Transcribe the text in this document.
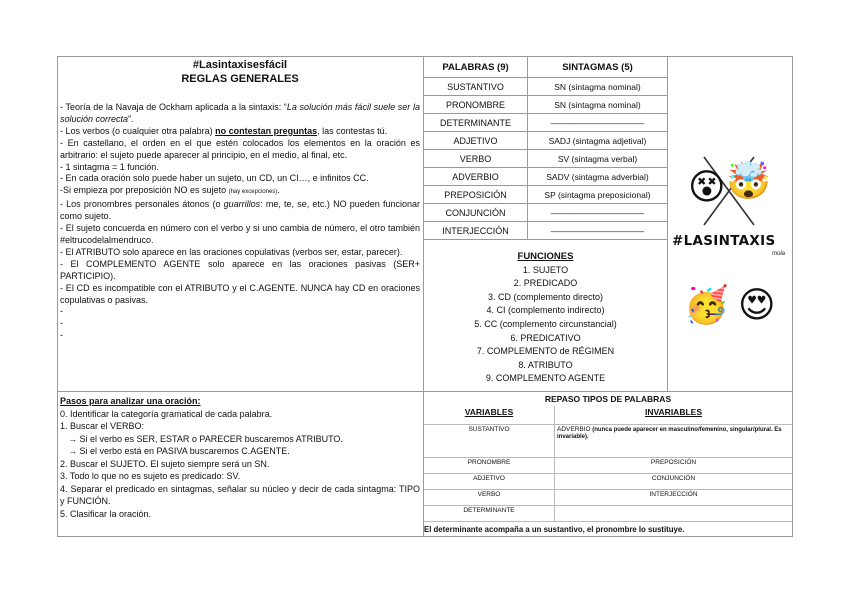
#Lasintaxisesfácil
REGLAS GENERALES
- Teoría de la Navaja de Ockham aplicada a la sintaxis: “La solución más fácil suele ser la solución correcta”.
- Los verbos (o cualquier otra palabra) no contestan preguntas, las contestas tú.
- En castellano, el orden en el que estén colocados los elementos en la oración es arbitrario: el sujeto puede aparecer al principio, en el medio, al final, etc.
- 1 sintagma = 1 función.
- En cada oración solo puede haber un sujeto, un CD, un CI…, e infinitos CC.
-Si empieza por preposición NO es sujeto (hay excepciones).
- Los pronombres personales átonos (o guarrillos: me, te, se, etc.) NO pueden funcionar como sujeto.
- El sujeto concuerda en número con el verbo y si uno cambia de número, el otro también #eltrucodelalmendruco.
- El ATRIBUTO solo aparece en las oraciones copulativas (verbos ser, estar, parecer).
- El COMPLEMENTO AGENTE solo aparece en las oraciones pasivas (SER+ PARTICIPIO).
- El CD es incompatible con el ATRIBUTO y el C.AGENTE. NUNCA hay CD en oraciones copulativas o pasivas.
-
-
-
PALABRAS (9)	SINTAGMAS (5)
SUSTANTIVO	SN (sintagma nominal)
PRONOMBRE	SN (sintagma nominal)
DETERMINANTE	———————————
ADJETIVO	SADJ (sintagma adjetival)
VERBO	SV (sintagma verbal)
ADVERBIO	SADV (sintagma adverbial)
PREPOSICIÓN	SP (sintagma preposicional)
CONJUNCIÓN	———————————
INTERJECCIÓN	———————————
FUNCIONES
1. SUJETO
2. PREDICADO
3. CD (complemento directo)
4. CI (complemento indirecto)
5. CC (complemento circunstancial)
6. PREDICATIVO
7. COMPLEMENTO de RÉGIMEN
8. ATRIBUTO
9. COMPLEMENTO AGENTE
😵 🤯
#LASINTAXIS
mola
🥳 😍
Pasos para analizar una oración:
0. Identificar la categoría gramatical de cada palabra.
1. Buscar el VERBO:
→ Si el verbo es SER, ESTAR o PARECER buscaremos ATRIBUTO.
→ Si el verbo está en PASIVA buscaremos C.AGENTE.
2. Buscar el SUJETO. El sujeto siempre será un SN.
3. Todo lo que no es sujeto es predicado: SV.
4. Separar el predicado en sintagmas, señalar su núcleo y decir de cada sintagma: TIPO y FUNCIÓN.
5. Clasificar la oración.
REPASO TIPOS DE PALABRAS
VARIABLES	INVARIABLES
SUSTANTIVO	ADVERBIO (nunca puede aparecer en masculino/femenino, singular/plural. Es invariable).
PRONOMBRE	PREPOSICIÓN
ADJETIVO	CONJUNCIÓN
VERBO	INTERJECCIÓN
DETERMINANTE	
El determinante acompaña a un sustantivo, el pronombre lo sustituye.
